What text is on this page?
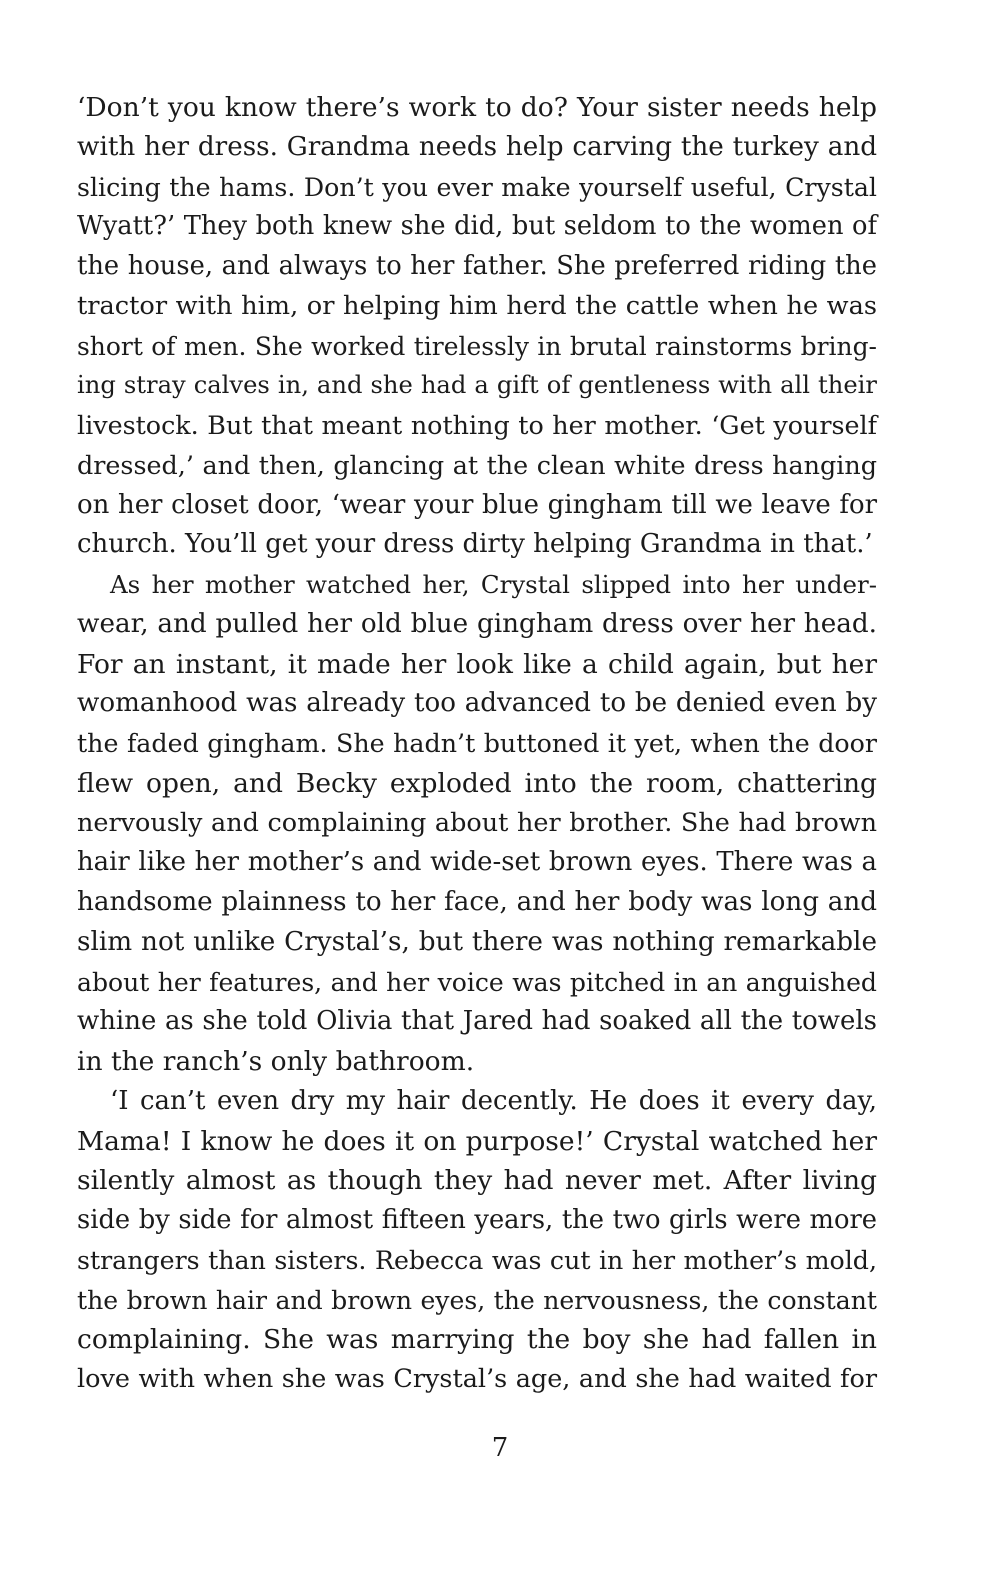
‘Don’t you know there’s work to do? Your sister needs help
with her dress. Grandma needs help carving the turkey and
slicing the hams. Don’t you ever make yourself useful, Crystal
Wyatt?’ They both knew she did, but seldom to the women of
the house, and always to her father. She preferred riding the
tractor with him, or helping him herd the cattle when he was
short of men. She worked tirelessly in brutal rainstorms bring-
ing stray calves in, and she had a gift of gentleness with all their
livestock. But that meant nothing to her mother. ‘Get yourself
dressed,’ and then, glancing at the clean white dress hanging
on her closet door, ‘wear your blue gingham till we leave for
church. You’ll get your dress dirty helping Grandma in that.’
As her mother watched her, Crystal slipped into her under-
wear, and pulled her old blue gingham dress over her head.
For an instant, it made her look like a child again, but her
womanhood was already too advanced to be denied even by
the faded gingham. She hadn’t buttoned it yet, when the door
flew open, and Becky exploded into the room, chattering
nervously and complaining about her brother. She had brown
hair like her mother’s and wide-set brown eyes. There was a
handsome plainness to her face, and her body was long and
slim not unlike Crystal’s, but there was nothing remarkable
about her features, and her voice was pitched in an anguished
whine as she told Olivia that Jared had soaked all the towels
in the ranch’s only bathroom.
‘I can’t even dry my hair decently. He does it every day,
Mama! I know he does it on purpose!’ Crystal watched her
silently almost as though they had never met. After living
side by side for almost fifteen years, the two girls were more
strangers than sisters. Rebecca was cut in her mother’s mold,
the brown hair and brown eyes, the nervousness, the constant
complaining. She was marrying the boy she had fallen in
love with when she was Crystal’s age, and she had waited for
7
